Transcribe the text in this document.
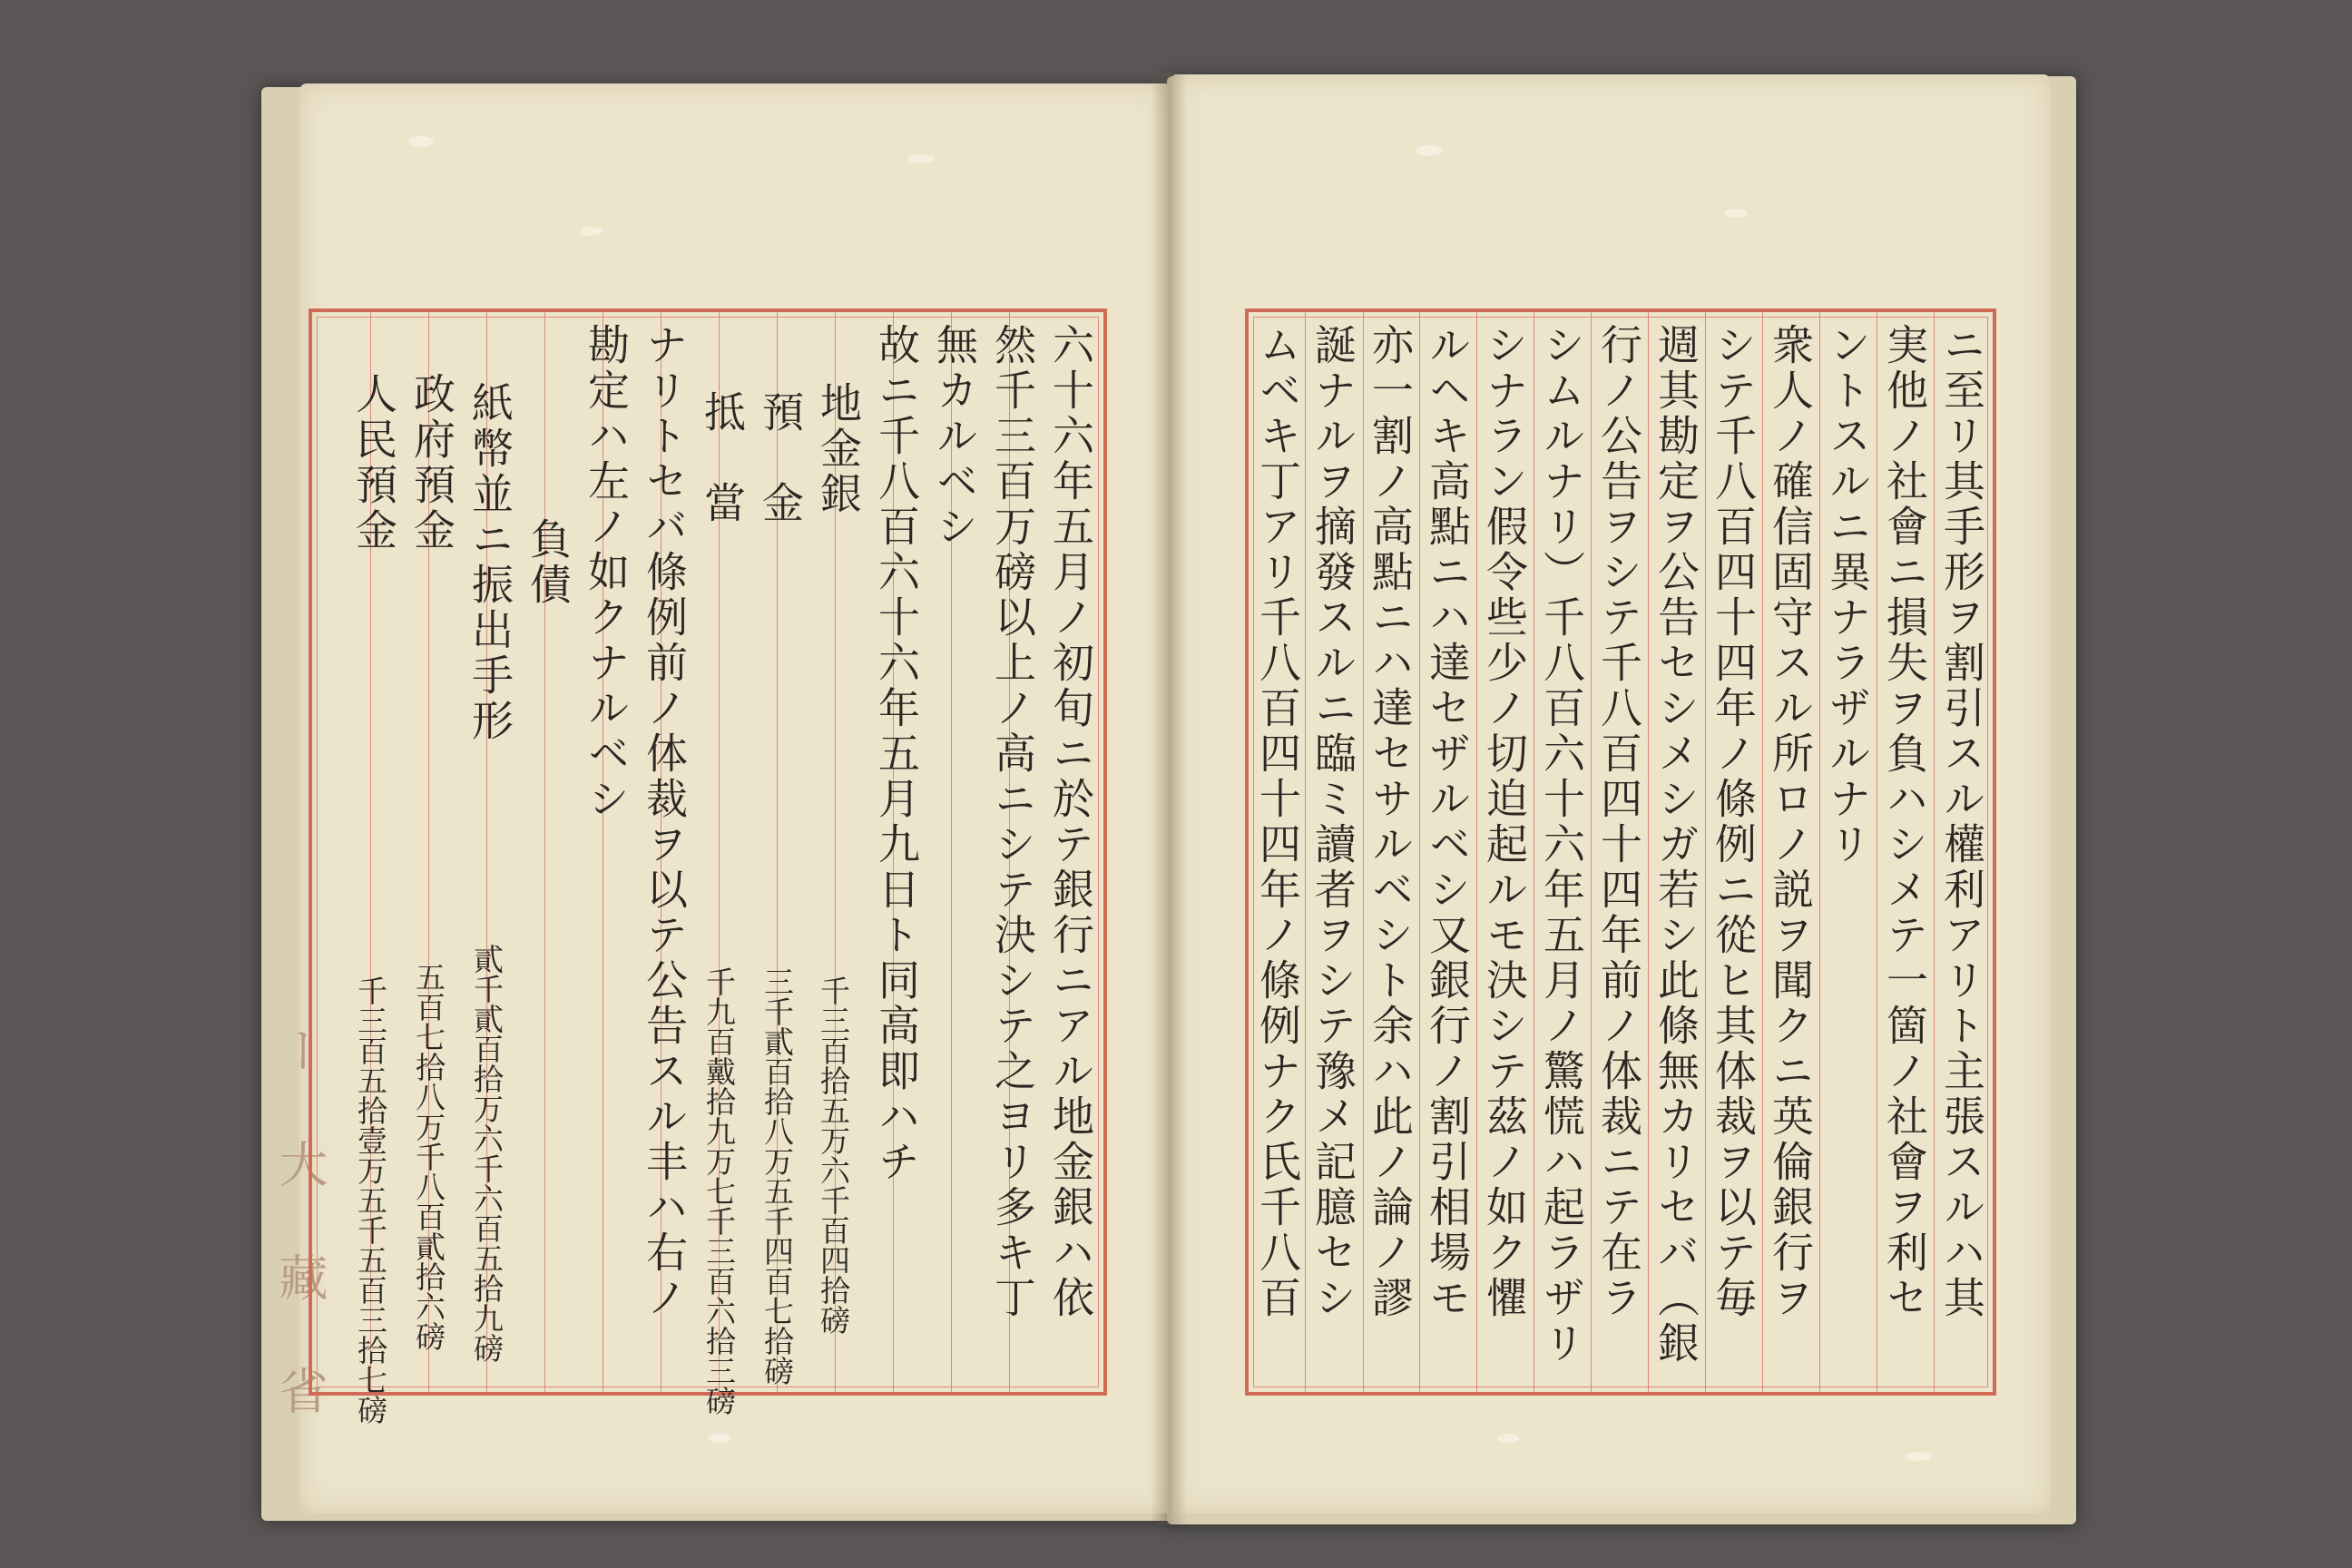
ー 大 藏 省	ニ至リ其手形ヲ割引スル權利アリト主張スルハ其
実他ノ社會ニ損失ヲ負ハシメテ一箇ノ社會ヲ利セ
ントスルニ異ナラザルナリ
衆人ノ確信固守スル所ロノ説ヲ聞クニ英倫銀行ヲ
シテ千八百四十四年ノ條例ニ從ヒ其体裁ヲ以テ毎
週其勘定ヲ公告セシメシガ若シ此條無カリセバ（銀
行ノ公告ヲシテ千八百四十四年前ノ体裁ニテ在ラ
シムルナリ）千八百六十六年五月ノ驚慌ハ起ラザリ
シナラン假令些少ノ切迫起ルモ決シテ茲ノ如ク懼
ルヘキ高點ニハ達セザルベシ又銀行ノ割引相場モ
亦一割ノ高點ニハ達セサルベシト余ハ此ノ論ノ謬
誕ナルヲ摘發スルニ臨ミ讀者ヲシテ豫メ記臆セシ
ムベキ丁アリ千八百四十四年ノ條例ナク氏千八百
六十六年五月ノ初旬ニ於テ銀行ニアル地金銀ハ依
然千三百万磅以上ノ高ニシテ決シテ之ヨリ多キ丁
無カルベシ
故ニ千八百六十六年五月九日ト同高即ハチ
地金銀
千三百拾五万六千百四拾磅
預　金
三千貳百拾八万五千四百七拾磅
抵　當
千九百戴拾九万七千三百六拾三磅
ナリトセバ條例前ノ体裁ヲ以テ公告スル丰ハ右ノ
勘定ハ左ノ如クナルベシ
負債
紙幣並ニ振出手形
貳千貳百拾万六千六百五拾九磅
政府預金
五百七拾八万千八百貳拾六磅
人民預金
千三百五拾壹万五千五百三拾七磅
